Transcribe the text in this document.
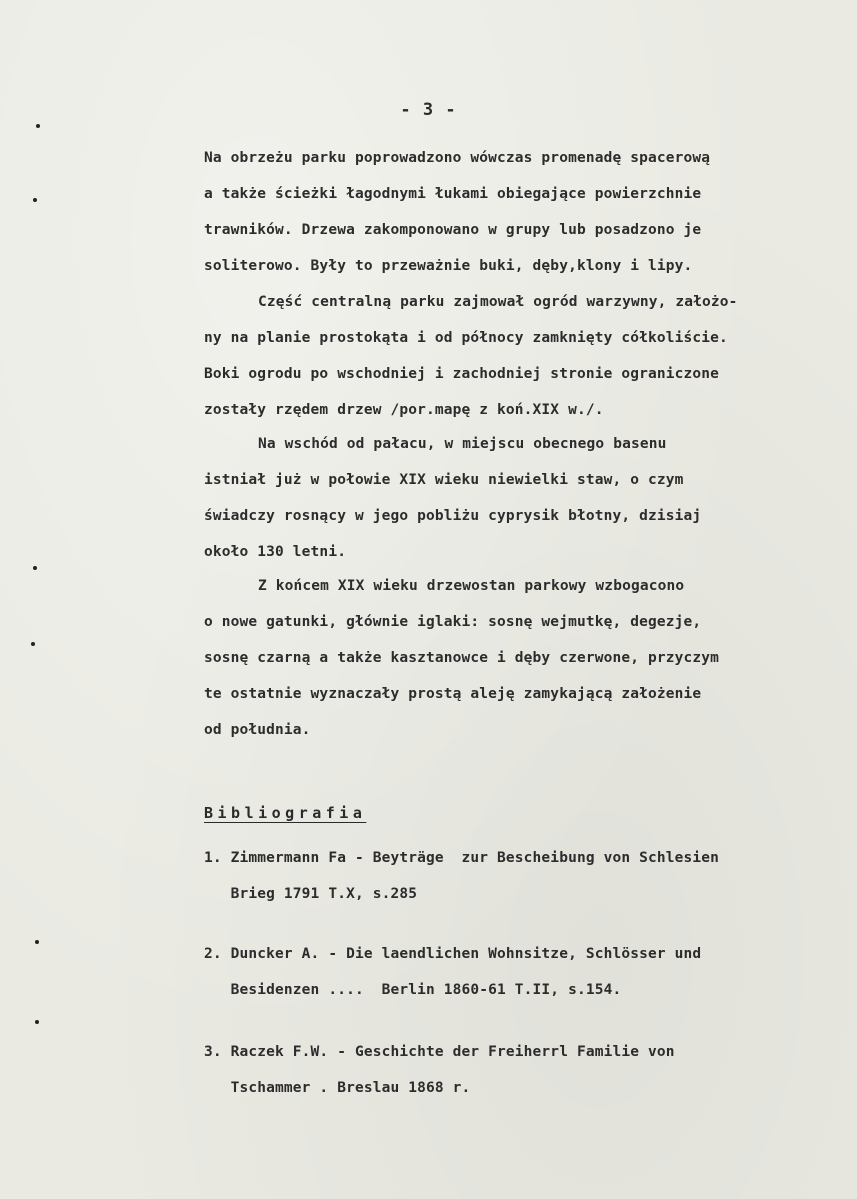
- 3 -
Na obrzeżu parku poprowadzono wówczas promenadę spacerową
a także ścieżki łagodnymi łukami obiegające powierzchnie
trawników. Drzewa zakomponowano w grupy lub posadzono je
soliterowo. Były to przeważnie buki, dęby,klony i lipy.
Część centralną parku zajmował ogród warzywny, założo-
ny na planie prostokąta i od północy zamknięty cółkoliście.
Boki ogrodu po wschodniej i zachodniej stronie ograniczone
zostały rzędem drzew /por.mapę z koń.XIX w./.
Na wschód od pałacu, w miejscu obecnego basenu
istniał już w połowie XIX wieku niewielki staw, o czym
świadczy rosnący w jego pobliżu cyprysik błotny, dzisiaj
około 130 letni.
Z końcem XIX wieku drzewostan parkowy wzbogacono
o nowe gatunki, głównie iglaki: sosnę wejmutkę, degezje,
sosnę czarną a także kasztanowce i dęby czerwone, przyczym
te ostatnie wyznaczały prostą aleję zamykającą założenie
od południa.
Bibliografia
1. Zimmermann Fa - Beyträge  zur Bescheibung von Schlesien
Brieg 1791 T.X, s.285
2. Duncker A. - Die laendlichen Wohnsitze, Schlösser und
Besidenzen ....  Berlin 1860-61 T.II, s.154.
3. Raczek F.W. - Geschichte der Freiherrl Familie von
Tschammer . Breslau 1868 r.
